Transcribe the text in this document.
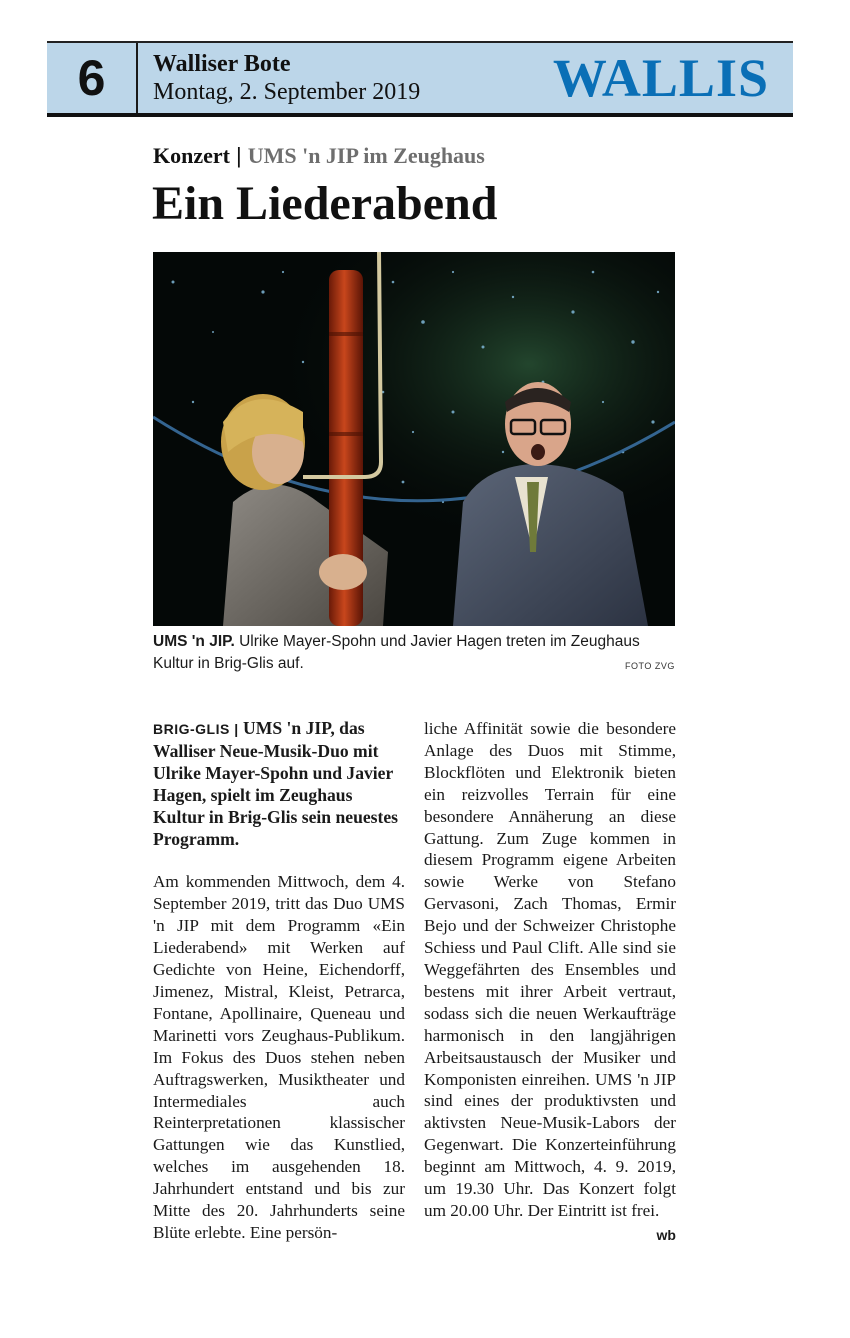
6	Walliser Bote
Montag, 2. September 2019 WALLIS
Konzert | UMS 'n JIP im Zeughaus
Ein Liederabend
UMS 'n JIP. Ulrike Mayer-Spohn und Javier Hagen treten im Zeughaus Kultur in Brig-Glis auf.	FOTO ZVG

BRIG-GLIS | UMS 'n JIP, das Walliser Neue-Musik-Duo mit Ulrike Mayer-Spohn und Javier Hagen, spielt im Zeughaus Kultur in Brig-Glis sein neuestes Programm.

Am kommenden Mittwoch, dem 4. September 2019, tritt das Duo UMS 'n JIP mit dem Programm «Ein Liederabend» mit Werken auf Gedichte von Heine, Eichendorff, Jimenez, Mistral, Kleist, Petrarca, Fontane, Apollinaire, Queneau und Marinetti vors Zeughaus-Publikum. Im Fokus des Duos stehen neben Auftragswerken, Musiktheater und Intermediales auch Reinterpretationen klassischer Gattungen wie das Kunstlied, welches im ausgehenden 18. Jahrhundert entstand und bis zur Mitte des 20. Jahrhunderts seine Blüte erlebte. Eine persön-

liche Affinität sowie die besondere Anlage des Duos mit Stimme, Blockflöten und Elektronik bieten ein reizvolles Terrain für eine besondere Annäherung an diese Gattung. Zum Zuge kommen in diesem Programm eigene Arbeiten sowie Werke von Stefano Gervasoni, Zach Thomas, Ermir Bejo und der Schweizer Christophe Schiess und Paul Clift. Alle sind sie Weggefährten des Ensembles und bestens mit ihrer Arbeit vertraut, sodass sich die neuen Werkaufträge harmonisch in den langjährigen Arbeitsaustausch der Musiker und Komponisten einreihen. UMS 'n JIP sind eines der produktivsten und aktivsten Neue-Musik-Labors der Gegenwart. Die Konzerteinführung beginnt am Mittwoch, 4. 9. 2019, um 19.30 Uhr. Das Konzert folgt um 20.00 Uhr. Der Eintritt ist frei.

wb
